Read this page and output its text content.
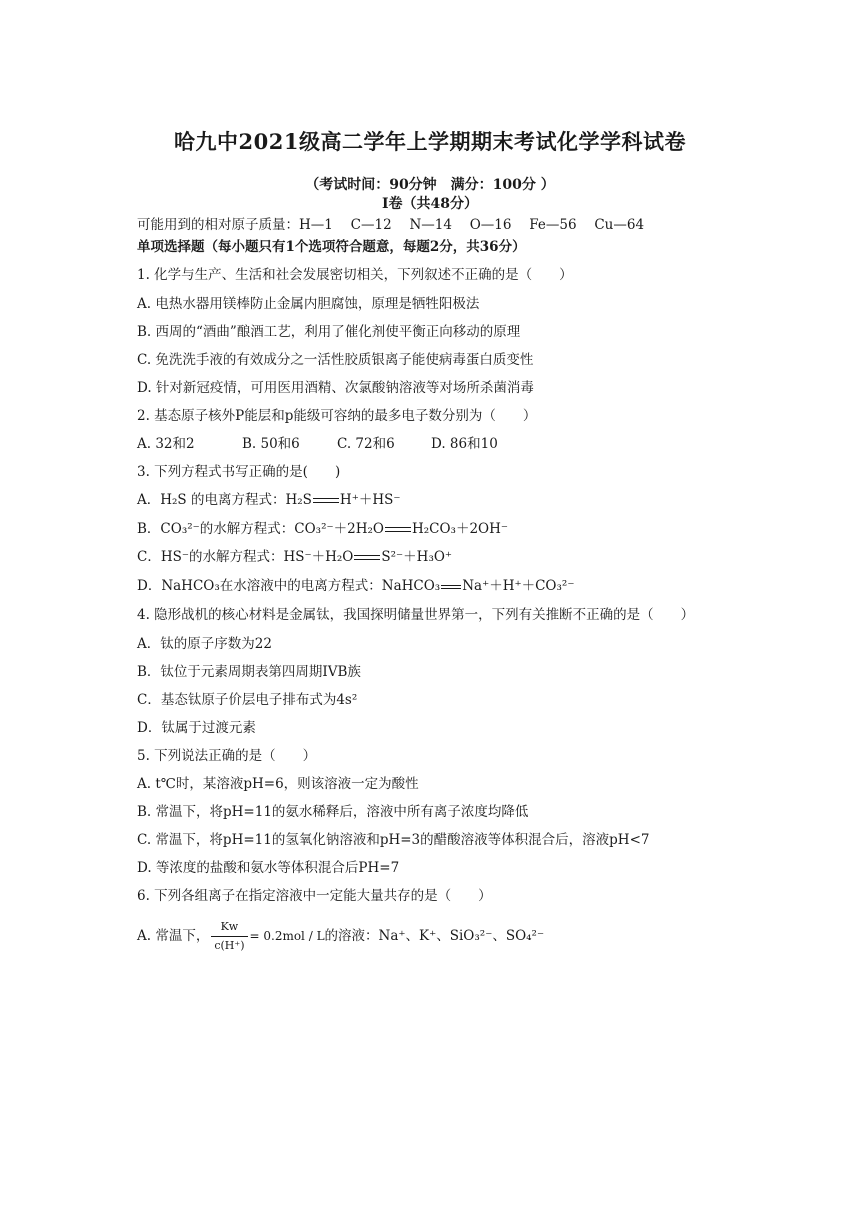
哈九中2021级高二学年上学期期末考试化学学科试卷
（考试时间：90分钟　满分：100分 ）
I卷（共48分）
可能用到的相对原子质量：H—1　 C—12　 N—14　 O—16　 Fe—56　 Cu—64
单项选择题（每小题只有1个选项符合题意，每题2分，共36分）
1. 化学与生产、生活和社会发展密切相关，下列叙述不正确的是（　　）
A. 电热水器用镁棒防止金属内胆腐蚀，原理是牺牲阳极法
B. 西周的“酒曲”酿酒工艺，利用了催化剂使平衡正向移动的原理
C. 免洗洗手液的有效成分之一活性胶质银离子能使病毒蛋白质变性
D. 针对新冠疫情，可用医用酒精、次氯酸钠溶液等对场所杀菌消毒
2. 基态原子核外P能层和p能级可容纳的最多电子数分别为（　　）
A. 32和2	B. 50和6	C. 72和6	D. 86和10
3. 下列方程式书写正确的是(　　)
A．H₂S 的电离方程式：H₂S H⁺＋HS⁻
B．CO₃²⁻的水解方程式：CO₃²⁻＋2H₂O H₂CO₃＋2OH⁻
C．HS⁻的水解方程式：HS⁻＋H₂O S²⁻＋H₃O⁺
D．NaHCO₃在水溶液中的电离方程式：NaHCO₃ Na⁺＋H⁺＋CO₃²⁻
4. 隐形战机的核心材料是金属钛，我国探明储量世界第一，下列有关推断不正确的是（　　）
A．钛的原子序数为22
B．钛位于元素周期表第四周期IVB族
C．基态钛原子价层电子排布式为4s²
D．钛属于过渡元素
5. 下列说法正确的是（　　）
A. t℃时，某溶液pH=6，则该溶液一定为酸性
B. 常温下，将pH=11的氨水稀释后，溶液中所有离子浓度均降低
C. 常温下，将pH=11的氢氧化钠溶液和pH=3的醋酸溶液等体积混合后，溶液pH<7
D. 等浓度的盐酸和氨水等体积混合后PH=7
6. 下列各组离子在指定溶液中一定能大量共存的是（　　）
A. 常温下， $\frac{Kw}{c(H^+)} = 0.2mol / L$的溶液：Na⁺、K⁺、SiO₃²⁻、SO₄²⁻
